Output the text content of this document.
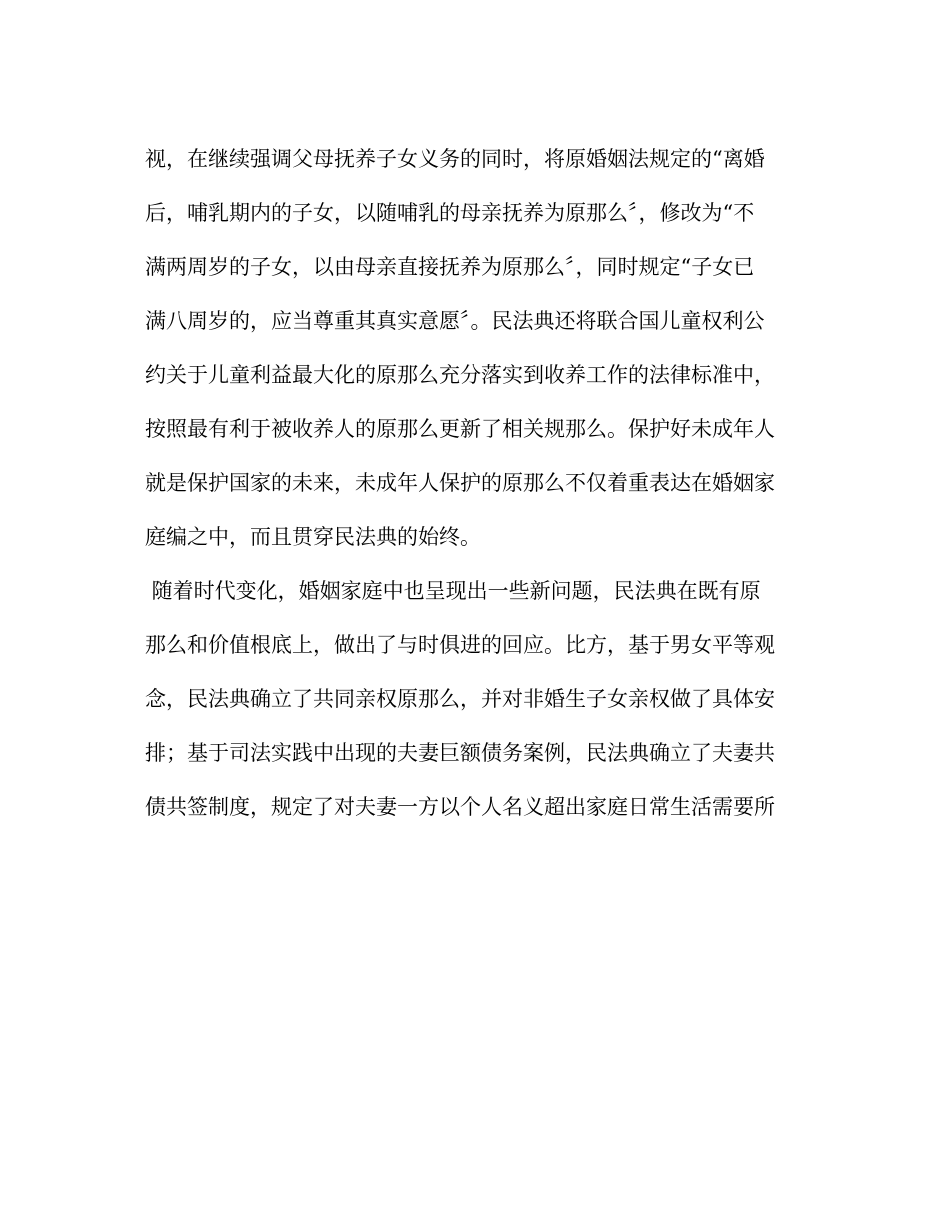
视，在继续强调父母抚养子女义务的同时，将原婚姻法规定的“离婚
后，哺乳期内的子女，以随哺乳的母亲抚养为原那么〞，修改为“不
满两周岁的子女，以由母亲直接抚养为原那么〞，同时规定“子女已
满八周岁的，应当尊重其真实意愿〞。民法典还将联合国儿童权利公
约关于儿童利益最大化的原那么充分落实到收养工作的法律标准中，
按照最有利于被收养人的原那么更新了相关规那么。保护好未成年人
就是保护国家的未来，未成年人保护的原那么不仅着重表达在婚姻家
庭编之中，而且贯穿民法典的始终。
随着时代变化，婚姻家庭中也呈现出一些新问题，民法典在既有原
那么和价值根底上，做出了与时俱进的回应。比方，基于男女平等观
念，民法典确立了共同亲权原那么，并对非婚生子女亲权做了具体安
排；基于司法实践中出现的夫妻巨额债务案例，民法典确立了夫妻共
债共签制度，规定了对夫妻一方以个人名义超出家庭日常生活需要所
